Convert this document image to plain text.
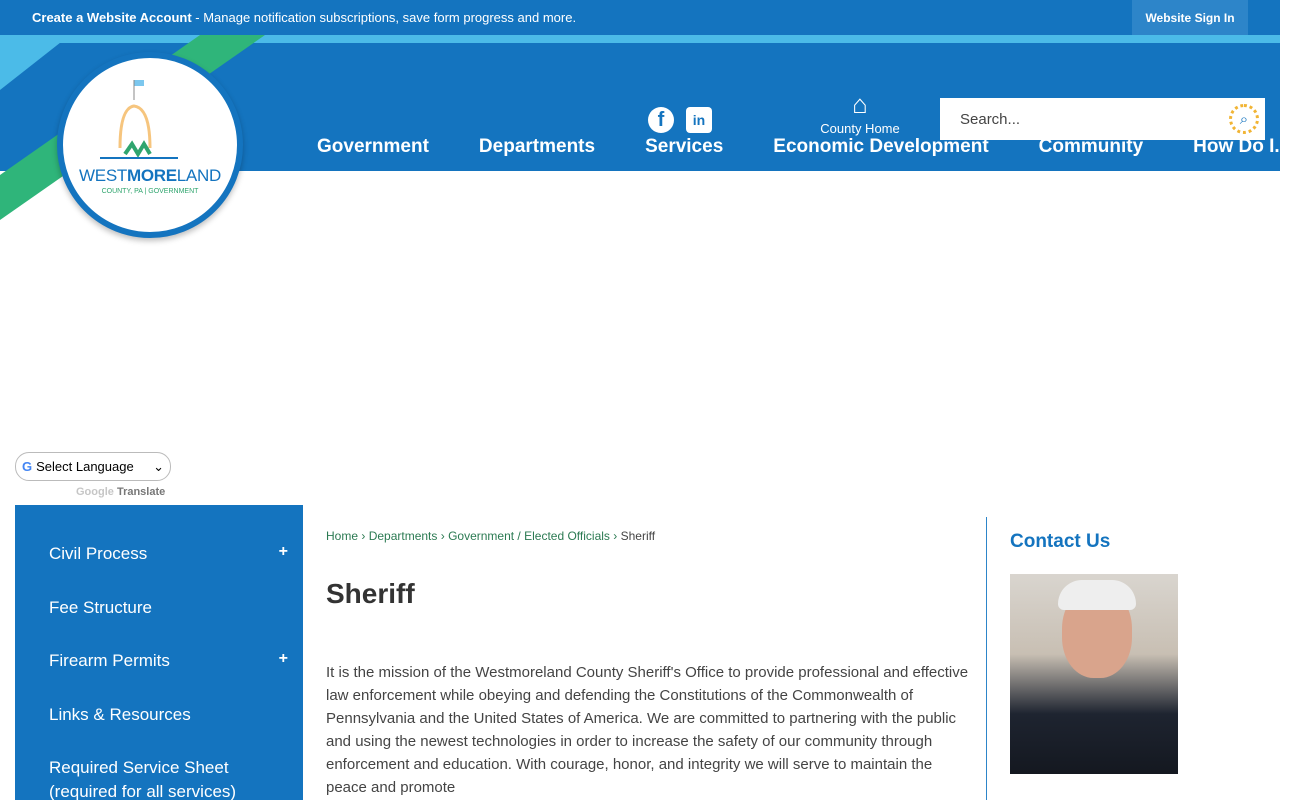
Create a Website Account - Manage notification subscriptions, save form progress and more.	Website Sign In
f	in
⌂
County Home
Search...	⌕
Government	Departments	Services	Economic Development	Community	How Do I...
WESTMORELAND
COUNTY, PA | GOVERNMENT
Civil Process	+
Fee Structure
Firearm Permits	+
Links & Resources
Required Service Sheet (required for all services)
G Select Language ⌄
Google Translate
Home › Departments › Government / Elected Officials › Sheriff
Sheriff
It is the mission of the Westmoreland County Sheriff's Office to provide professional and effective law enforcement while obeying and defending the Constitutions of the Commonwealth of Pennsylvania and the United States of America. We are committed to partnering with the public and using the newest technologies in order to increase the safety of our community through enforcement and education. With courage, honor, and integrity we will serve to maintain the peace and promote
Contact Us
